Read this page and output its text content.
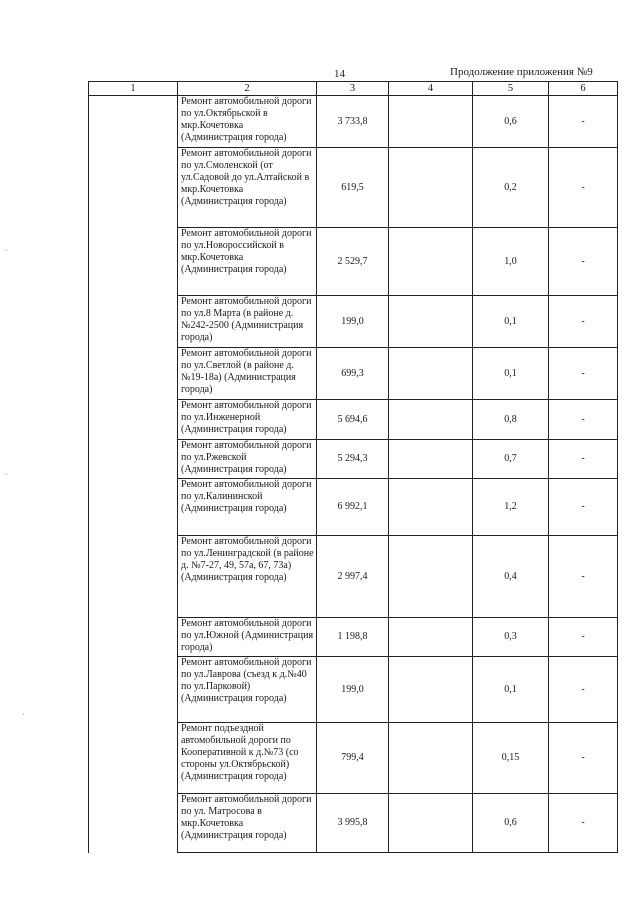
14	Продолжение приложения №9
1	2	3	4	5	6
	Ремонт автомобильной дороги по ул.Октябрьской в мкр.Кочетовка (Администрация города)	3 733,8		0,6	-
	Ремонт автомобильной дороги по ул.Смоленской (от ул.Садовой до ул.Алтайской в мкр.Кочетовка (Администрация города)	619,5		0,2	-
	Ремонт автомобильной дороги по ул.Новороссийской в мкр.Кочетовка (Администрация города)	2 529,7		1,0	-
	Ремонт автомобильной дороги по ул.8 Марта (в районе д.№242-2500 (Администрация города)	199,0		0,1	-
	Ремонт автомобильной дороги по ул.Светлой (в районе д.№19-18а) (Администрация города)	699,3		0,1	-
	Ремонт автомобильной дороги по ул.Инженерной (Администрация города)	5 694,6		0,8	-
	Ремонт автомобильной дороги по ул.Ржевской (Администрация города)	5 294,3		0,7	-
	Ремонт автомобильной дороги по ул.Калининской (Администрация города)	6 992,1		1,2	-
	Ремонт автомобильной дороги по ул.Ленинградской (в районе д. №7-27, 49, 57а, 67, 73а) (Администрация города)	2 997,4		0,4	-
	Ремонт автомобильной дороги по ул.Южной (Администрация города)	1 198,8		0,3	-
	Ремонт автомобильной дороги по ул.Лаврова (съезд к д.№40 по ул.Парковой) (Администрация города)	199,0		0,1	-
	Ремонт подъездной автомобильной дороги по Кооперативной к д.№73 (со стороны ул.Октябрьской) (Администрация города)	799,4		0,15	-
	Ремонт автомобильной дороги по ул. Матросова в мкр.Кочетовка (Администрация города)	3 995,8		0,6	-
·
·
·
